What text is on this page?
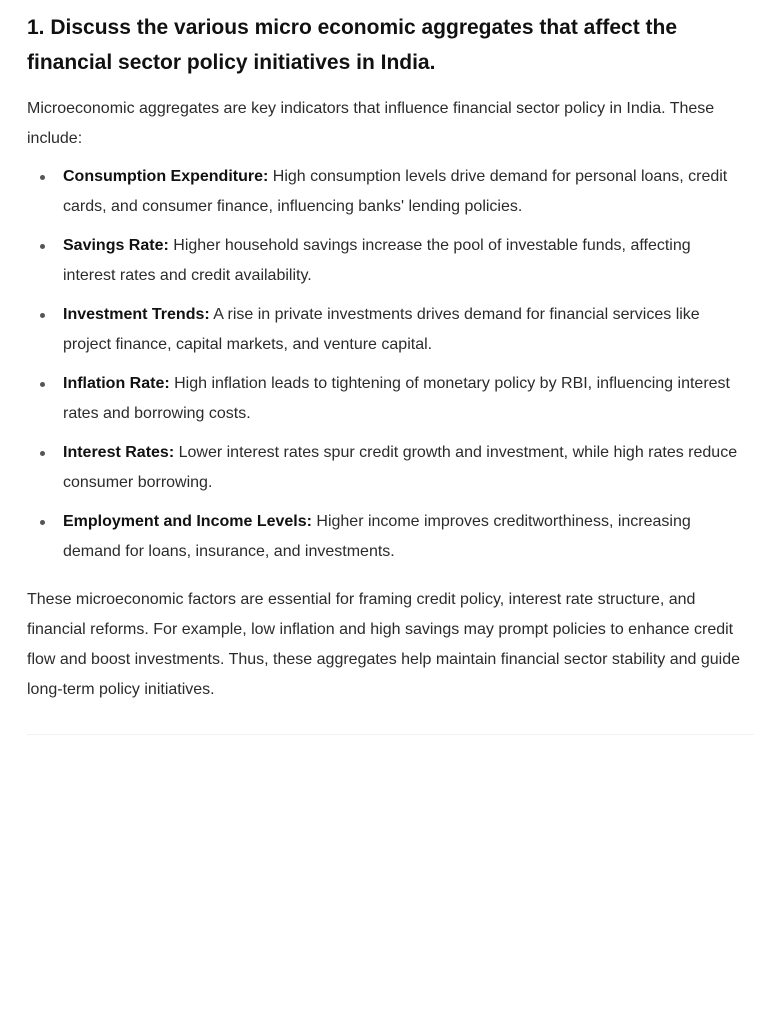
1. Discuss the various micro economic aggregates that affect the financial sector policy initiatives in India.

Microeconomic aggregates are key indicators that influence financial sector policy in India. These include:

Consumption Expenditure: High consumption levels drive demand for personal loans, credit cards, and consumer finance, influencing banks' lending policies.
Savings Rate: Higher household savings increase the pool of investable funds, affecting interest rates and credit availability.
Investment Trends: A rise in private investments drives demand for financial services like project finance, capital markets, and venture capital.
Inflation Rate: High inflation leads to tightening of monetary policy by RBI, influencing interest rates and borrowing costs.
Interest Rates: Lower interest rates spur credit growth and investment, while high rates reduce consumer borrowing.
Employment and Income Levels: Higher income improves creditworthiness, increasing demand for loans, insurance, and investments.

These microeconomic factors are essential for framing credit policy, interest rate structure, and financial reforms. For example, low inflation and high savings may prompt policies to enhance credit flow and boost investments. Thus, these aggregates help maintain financial sector stability and guide long-term policy initiatives.
